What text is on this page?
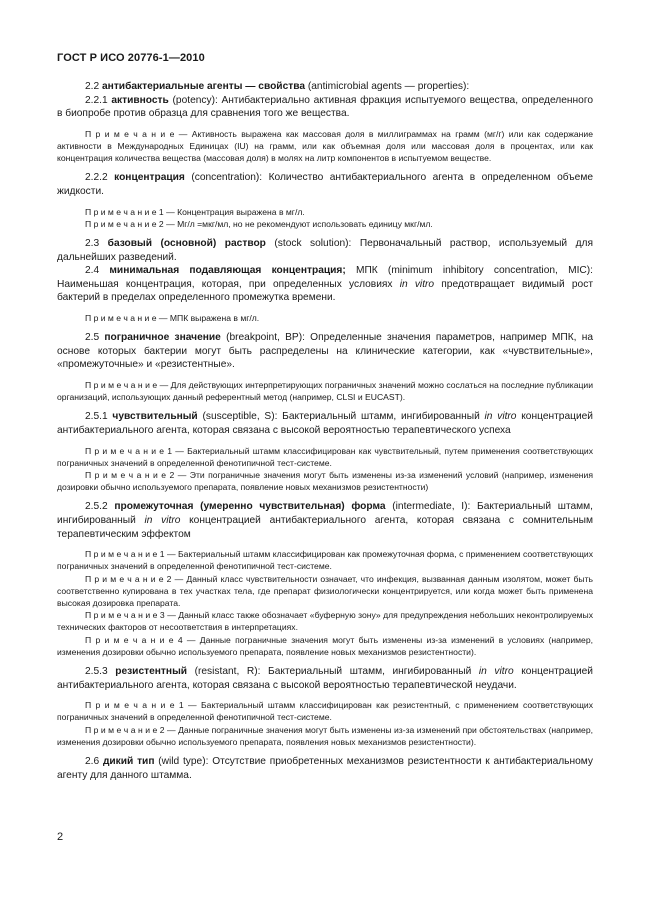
ГОСТ Р ИСО 20776-1—2010

2.2 антибактериальные агенты — свойства (antimicrobial agents — properties):

2.2.1 активность (potency): Антибактериально активная фракция испытуемого вещества, определенного в биопробе против образца для сравнения того же вещества.

П р и м е ч а н и е — Активность выражена как массовая доля в миллиграммах на грамм (мг/г) или как содержание активности в Международных Единицах (IU) на грамм, или как объемная доля или массовая доля в процентах, или как концентрация количества вещества (массовая доля) в молях на литр компонентов в испытуемом веществе.

2.2.2 концентрация (concentration): Количество антибактериального агента в определенном объеме жидкости.

П р и м е ч а н и е 1 — Концентрация выражена в мг/л.

П р и м е ч а н и е 2 — Мг/л =мкг/мл, но не рекомендуют использовать единицу мкг/мл.

2.3 базовый (основной) раствор (stock solution): Первоначальный раствор, используемый для дальнейших разведений.

2.4 минимальная подавляющая концентрация; МПК (minimum inhibitory concentration, MIC): Наименьшая концентрация, которая, при определенных условиях in vitro предотвращает видимый рост бактерий в пределах определенного промежутка времени.

П р и м е ч а н и е — МПК выражена в мг/л.

2.5 пограничное значение (breakpoint, BP): Определенные значения параметров, например МПК, на основе которых бактерии могут быть распределены на клинические категории, как «чувствительные», «промежуточные» и «резистентные».

П р и м е ч а н и е — Для действующих интерпретирующих пограничных значений можно сослаться на последние публикации организаций, использующих данный референтный метод (например, CLSI и EUCAST).

2.5.1 чувствительный (susceptible, S): Бактериальный штамм, ингибированный in vitro концентрацией антибактериального агента, которая связана с высокой вероятностью терапевтического успеха

П р и м е ч а н и е 1 — Бактериальный штамм классифицирован как чувствительный, путем применения соответствующих пограничных значений в определенной фенотипичной тест-системе.

П р и м е ч а н и е 2 — Эти пограничные значения могут быть изменены из-за изменений условий (например, изменения дозировки обычно используемого препарата, появление новых механизмов резистентности)

2.5.2 промежуточная (умеренно чувствительная) форма (intermediate, I): Бактериальный штамм, ингибированный in vitro концентрацией антибактериального агента, которая связана с сомнительным терапевтическим эффектом

П р и м е ч а н и е 1 — Бактериальный штамм классифицирован как промежуточная форма, с применением соответствующих пограничных значений в определенной фенотипичной тест-системе.

П р и м е ч а н и е 2 — Данный класс чувствительности означает, что инфекция, вызванная данным изолятом, может быть соответственно купирована в тех участках тела, где препарат физиологически концентрируется, или когда может быть применена высокая дозировка препарата.

П р и м е ч а н и е 3 — Данный класс также обозначает «буферную зону» для предупреждения небольших неконтролируемых технических факторов от несоответствия в интерпретациях.

П р и м е ч а н и е 4 — Данные пограничные значения могут быть изменены из-за изменений в условиях (например, изменения дозировки обычно используемого препарата, появление новых механизмов резистентности).

2.5.3 резистентный (resistant, R): Бактериальный штамм, ингибированный in vitro концентрацией антибактериального агента, которая связана с высокой вероятностью терапевтической неудачи.

П р и м е ч а н и е 1 — Бактериальный штамм классифицирован как резистентный, с применением соответствующих пограничных значений в определенной фенотипичной тест-системе.

П р и м е ч а н и е 2 — Данные пограничные значения могут быть изменены из-за изменений при обстоятельствах (например, изменения дозировки обычно используемого препарата, появления новых механизмов резистентности).

2.6 дикий тип (wild type): Отсутствие приобретенных механизмов резистентности к антибактериальному агенту для данного штамма.

2
